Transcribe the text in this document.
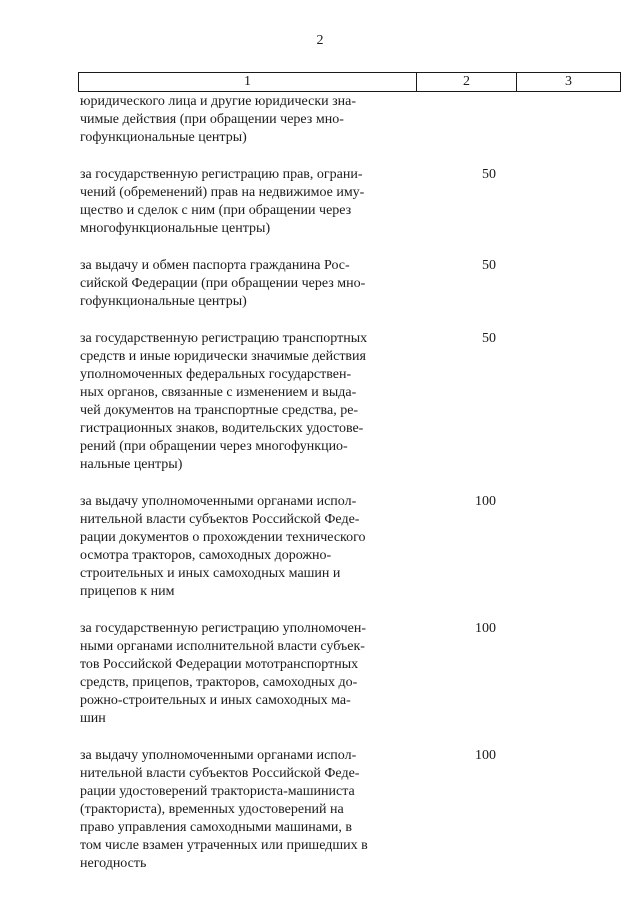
2
1	2	3
юридического лица и другие юридически зна-
чимые действия (при обращении через мно-
гофункциональные центры)
за государственную регистрацию прав, ограни-
чений (обременений) прав на недвижимое иму-
щество и сделок с ним (при обращении через
многофункциональные центры)
50
за выдачу и обмен паспорта гражданина Рос-
сийской Федерации (при обращении через мно-
гофункциональные центры)
50
за государственную регистрацию транспортных
средств и иные юридически значимые действия
уполномоченных федеральных государствен-
ных органов, связанные с изменением и выда-
чей документов на транспортные средства, ре-
гистрационных знаков, водительских удостове-
рений (при обращении через многофункцио-
нальные центры)
50
за выдачу уполномоченными органами испол-
нительной власти субъектов Российской Феде-
рации документов о прохождении технического
осмотра тракторов, самоходных дорожно-
строительных и иных самоходных машин и
прицепов к ним
100
за государственную регистрацию уполномочен-
ными органами исполнительной власти субъек-
тов Российской Федерации мототранспортных
средств, прицепов, тракторов, самоходных до-
рожно-строительных и иных самоходных ма-
шин
100
за выдачу уполномоченными органами испол-
нительной власти субъектов Российской Феде-
рации удостоверений тракториста-машиниста
(тракториста), временных удостоверений на
право управления самоходными машинами, в
том числе взамен утраченных или пришедших в
негодность
100
